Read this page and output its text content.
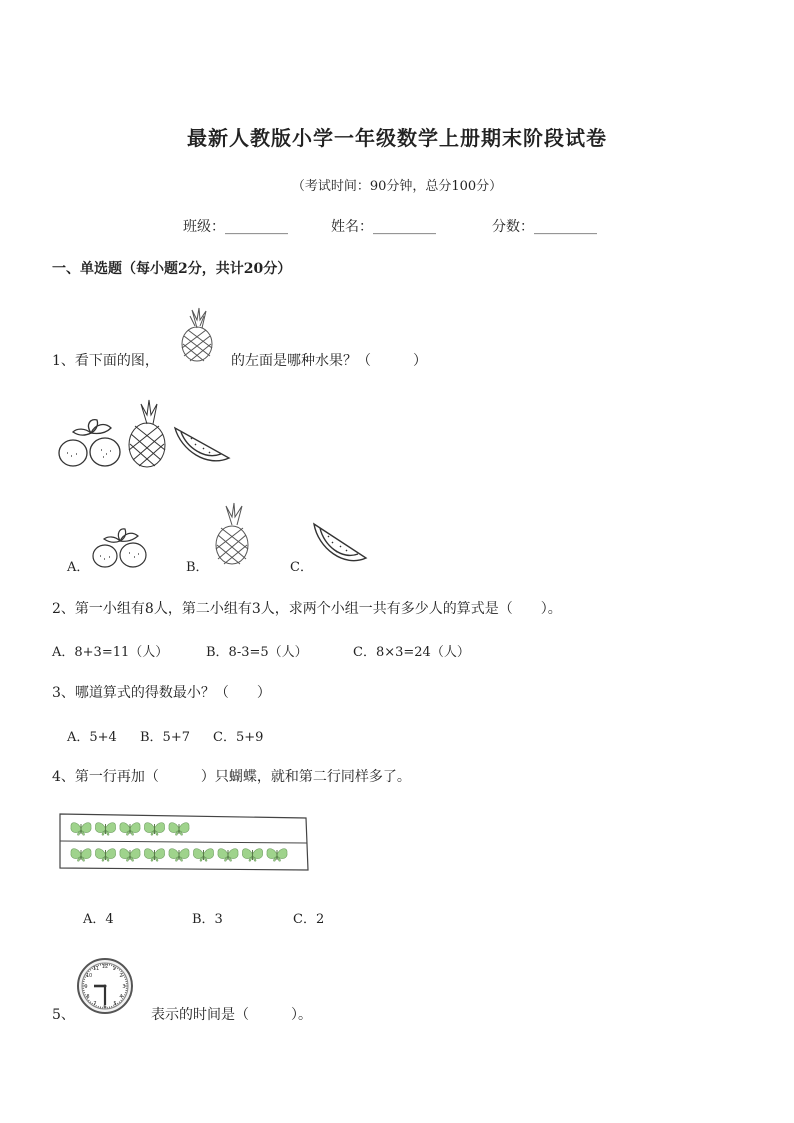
最新人教版小学一年级数学上册期末阶段试卷
（考试时间：90分钟，总分100分）
班级：_________	姓名：_________	分数：_________
一、单选题（每小题2分，共计20分）
1、看下面的图，	的左面是哪种水果？（　　　）
A．	B．	C．
2、第一小组有8人，第二小组有3人，求两个小组一共有多少人的算式是（　　）。
A．8+3=11（人）	B．8-3=5（人）	C．8×3=24（人）
3、哪道算式的得数最小？（　　）
A．5+4 B．5+7 C．5+9
4、第一行再加（　　　）只蝴蝶，就和第二行同样多了。
A．4	B．3	C．2
5、
12 1
2
3
4
5
6
7
8
9
10
11
表示的时间是（　　　）。
